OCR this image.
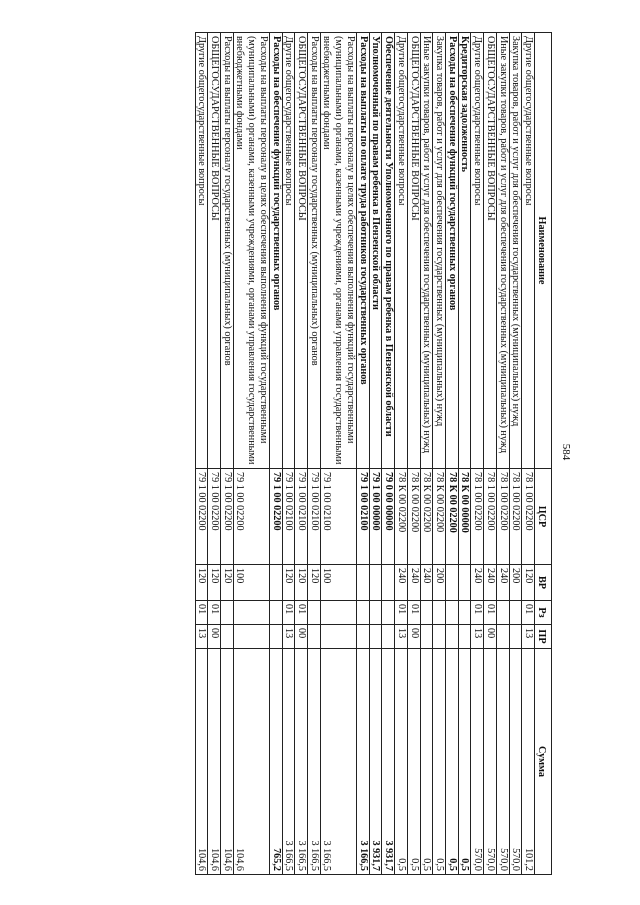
584
Наименование	ЦСР	ВР	Рз	ПР	Сумма
Другие общегосударственные вопросы	78 1 00 02200	120	01	13	101,2
Закупка товаров, работ и услуг для обеспечения государственных (муниципальных) нужд	78 1 00 02200	200			570,0
Иные закупки товаров, работ и услуг для обеспечения государственных (муниципальных) нужд	78 1 00 02200	240			570,0
ОБЩЕГОСУДАРСТВЕННЫЕ ВОПРОСЫ	78 1 00 02200	240	01	00	570,0
Другие общегосударственные вопросы	78 1 00 02200	240	01	13	570,0
Кредиторская задолженность	78 К 00 00000				0,5
Расходы на обеспечение функций государственных органов	78 К 00 02200				0,5
Закупка товаров, работ и услуг для обеспечения государственных (муниципальных) нужд	78 К 00 02200	200			0,5
Иные закупки товаров, работ и услуг для обеспечения государственных (муниципальных) нужд	78 К 00 02200	240			0,5
ОБЩЕГОСУДАРСТВЕННЫЕ ВОПРОСЫ	78 К 00 02200	240	01	00	0,5
Другие общегосударственные вопросы	78 К 00 02200	240	01	13	0,5
Обеспечение деятельности Уполномоченного по правам ребенка в Пензенской области	79 0 00 00000				3 931,7
Уполномоченный по правам ребенка в Пензенской области	79 1 00 00000				3 931,7
Расходы на выплаты по оплате труда работников государственных органов	79 1 00 02100				3 166,5
Расходы на выплаты персоналу в целях обеспечения выполнения функций государственными (муниципальными) органами, казенными учреждениями, органами управления государственными внебюджетными фондами	79 1 00 02100	100			3 166,5
Расходы на выплаты персоналу государственных (муниципальных) органов	79 1 00 02100	120			3 166,5
ОБЩЕГОСУДАРСТВЕННЫЕ ВОПРОСЫ	79 1 00 02100	120	01	00	3 166,5
Другие общегосударственные вопросы	79 1 00 02100	120	01	13	3 166,5
Расходы на обеспечение функций государственных органов	79 1 00 02200				765,2
Расходы на выплаты персоналу в целях обеспечения выполнения функций государственными (муниципальными) органами, казенными учреждениями, органами управления государственными внебюджетными фондами	79 1 00 02200	100			104,6
Расходы на выплаты персоналу государственных (муниципальных) органов	79 1 00 02200	120			104,6
ОБЩЕГОСУДАРСТВЕННЫЕ ВОПРОСЫ	79 1 00 02200	120	01	00	104,6
Другие общегосударственные вопросы	79 1 00 02200	120	01	13	104,6
